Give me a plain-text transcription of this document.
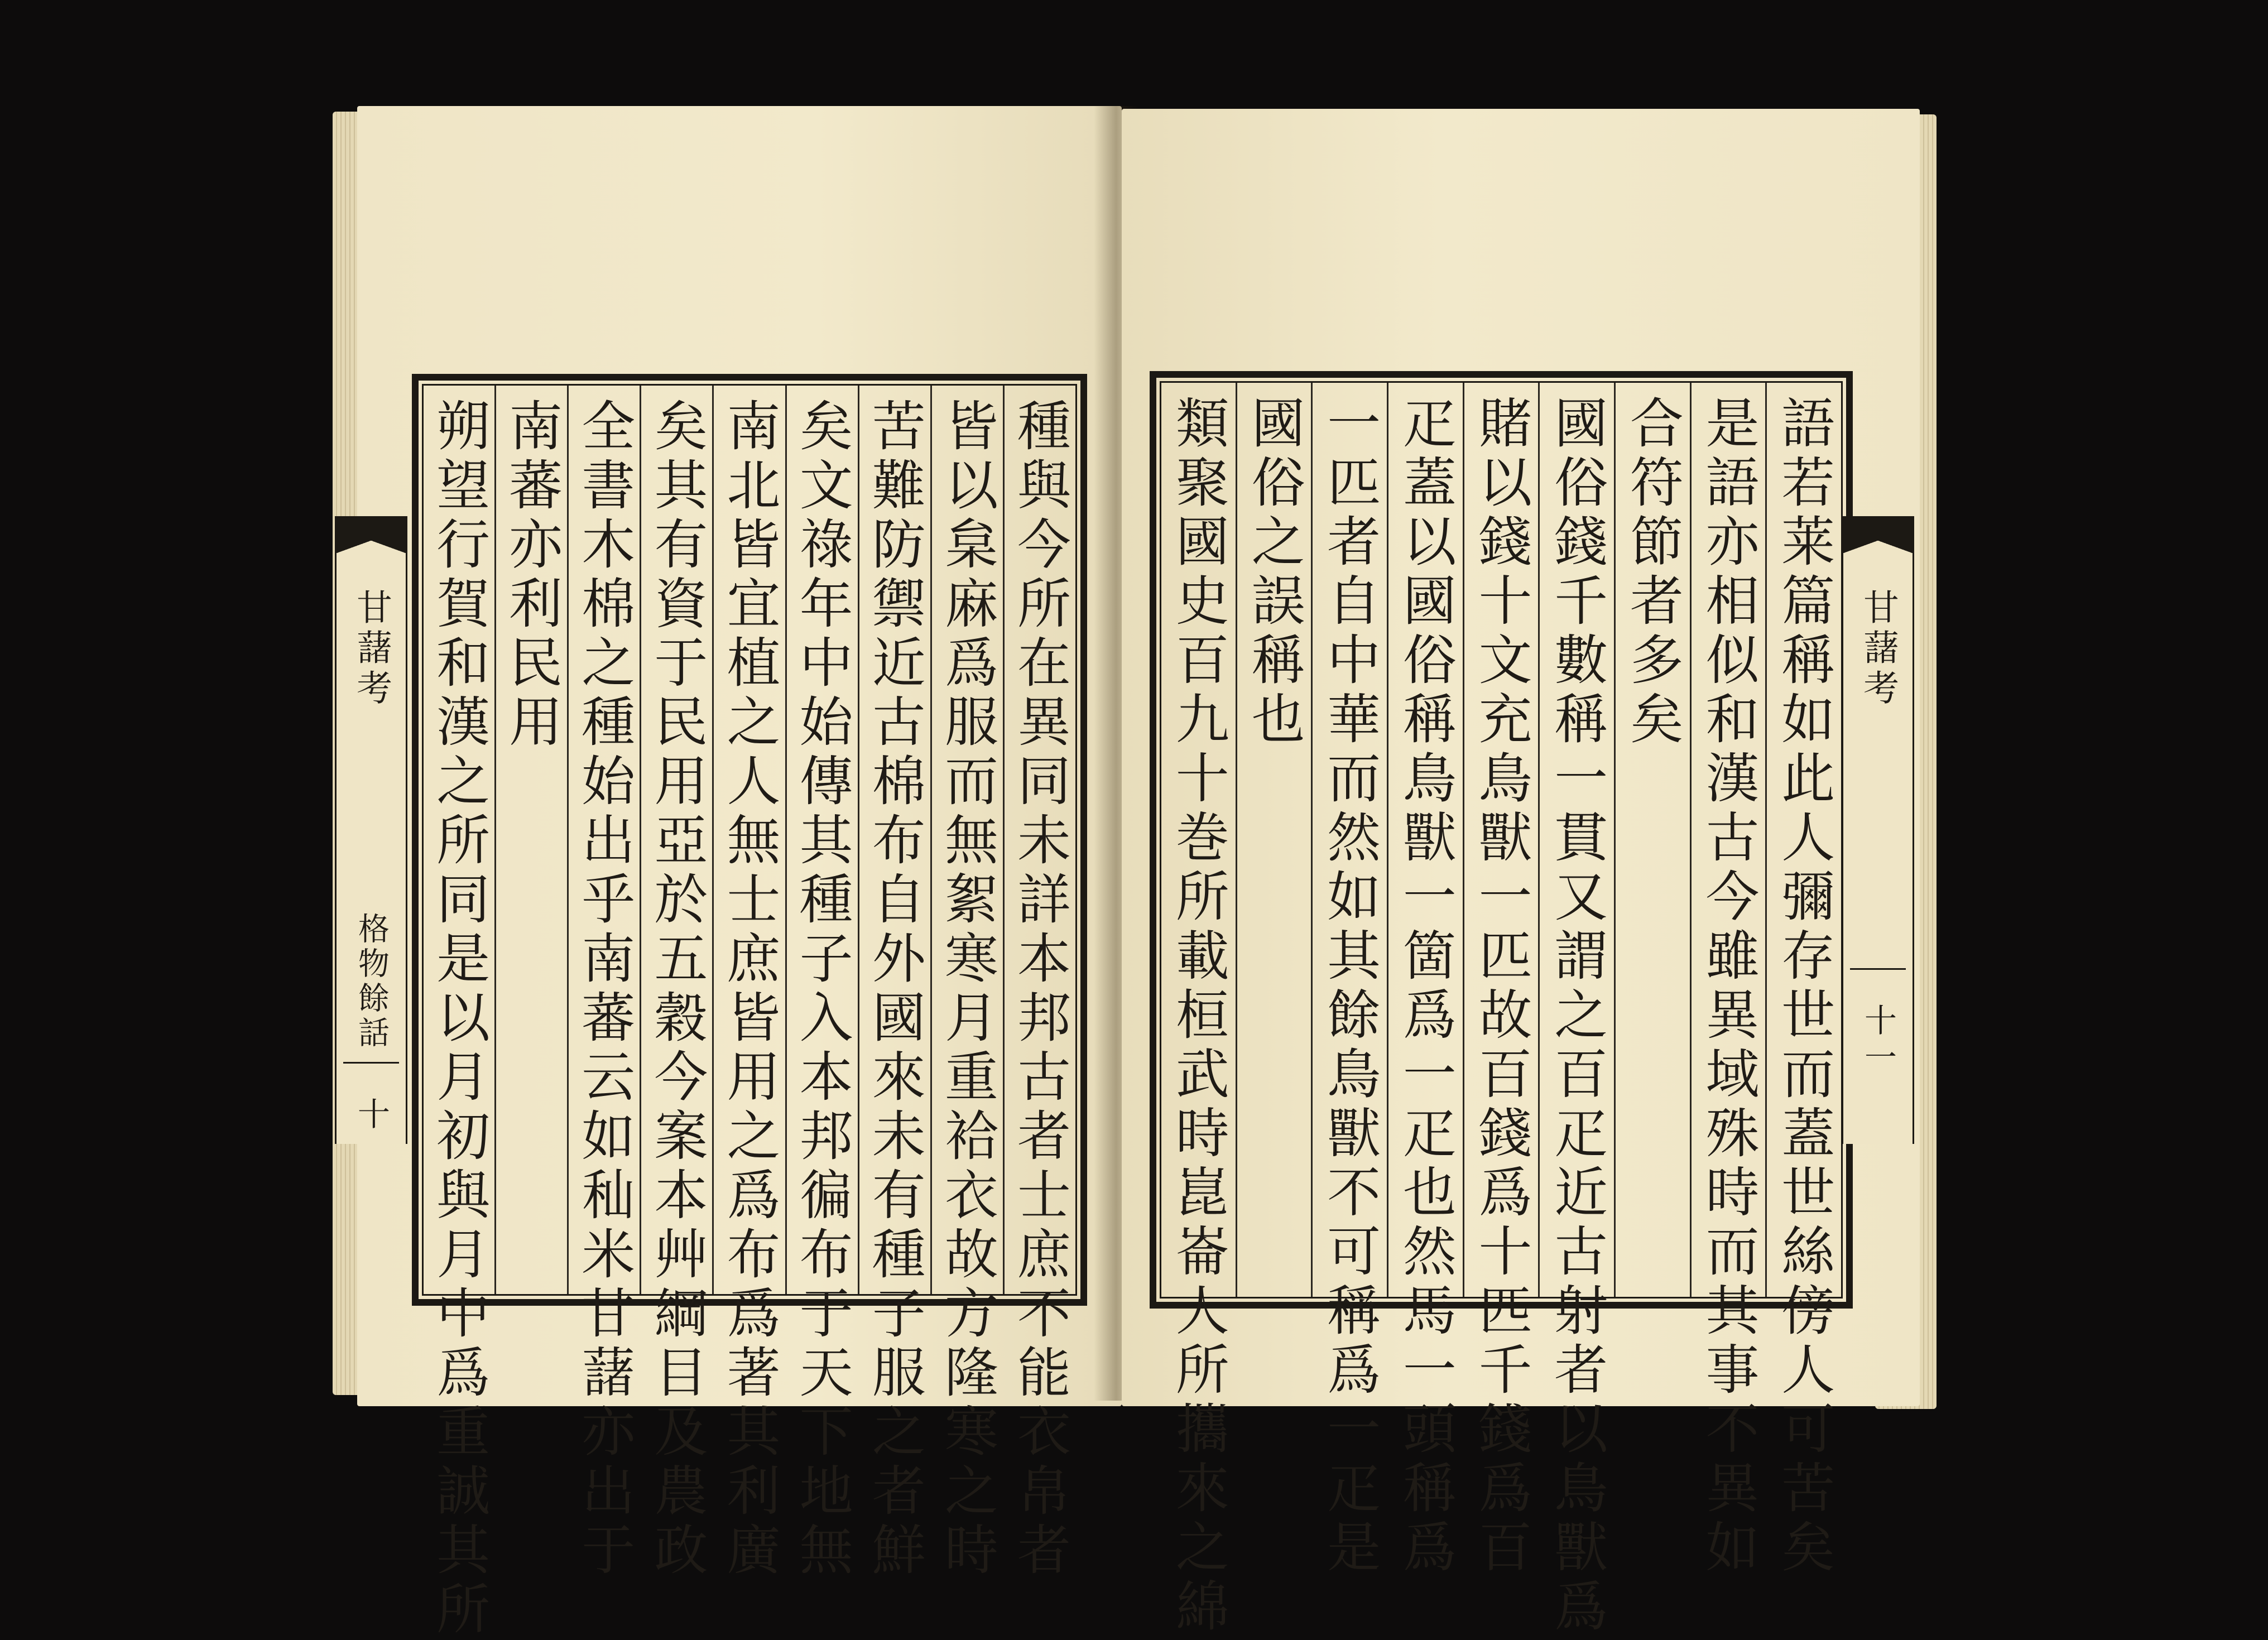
種與今所在異同未詳本邦古者士庶不能衣帛者
皆以枲麻爲服而無絮寒月重袷衣故方隆寒之時
苦難防禦近古棉布自外國來未有種子服之者鮮
矣文祿年中始傳其種子入本邦徧布于天下地無
南北皆宜植之人無士庶皆用之爲布爲著其利廣
矣其有資于民用亞於五穀今案本艸綱目及農政
全書木棉之種始出乎南蕃云如秈米甘藷亦出于
南蕃亦利民用
朔望行賀和漢之所同是以月初與月中爲重誠其所
甘藷考
格物餘話
十	語若莱篇稱如此人彌存世而蓋世絲傍人可苦矣
是語亦相似和漢古今雖異域殊時而其事不異如
合符節者多矣
國俗錢千數稱一貫又謂之百疋近古射者以鳥獸爲
賭以錢十文充鳥獸一匹故百錢爲十匹千錢爲百
疋蓋以國俗稱鳥獸一箇爲一疋也然馬一頭稱爲
一匹者自中華而然如其餘鳥獸不可稱爲一疋是
國俗之誤稱也
類聚國史百九十巻所載桓武時崑崙人所攜來之綿	甘藷考
十一
